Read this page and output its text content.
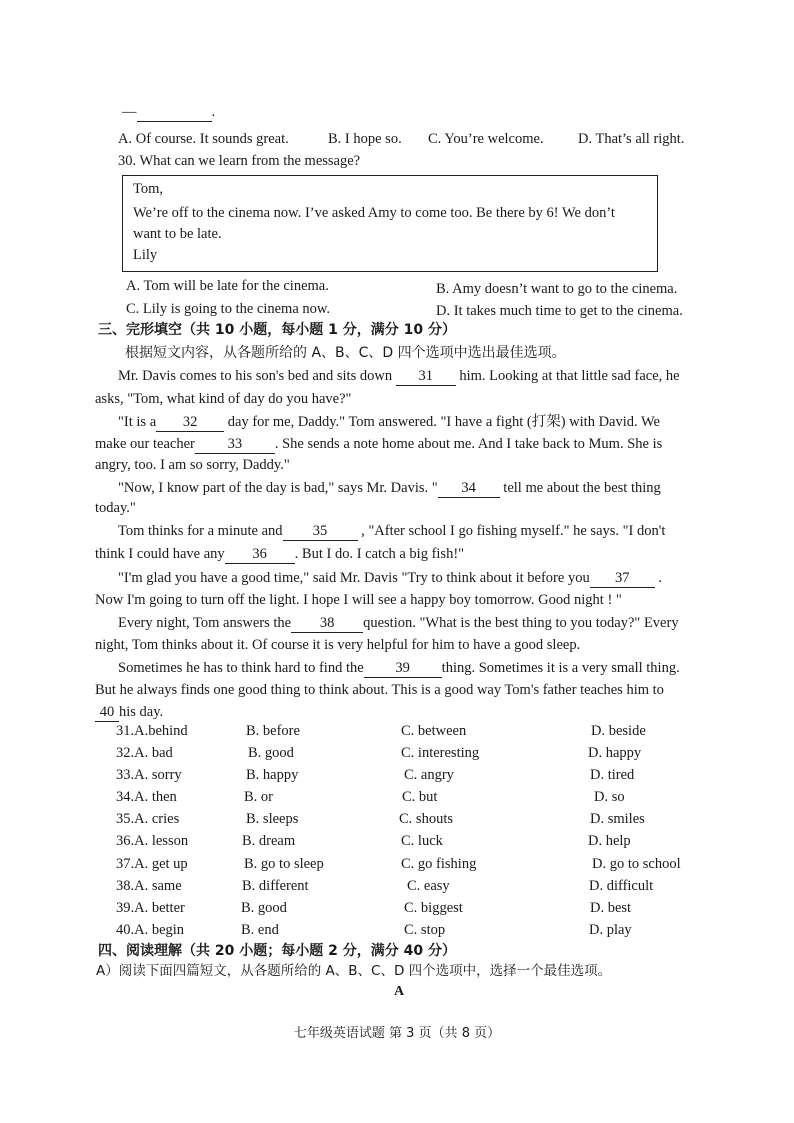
—	.
A. Of course. It sounds great.	B. I hope so. C. You’re welcome. D. That’s all right.
30. What can we learn from the message?
Tom,
We’re off to the cinema now. I’ve asked Amy to come too. Be there by 6! We don’t
want to be late.
Lily
A. Tom will be late for the cinema.	B. Amy doesn’t want to go to the cinema.
C. Lily is going to the cinema now.	D. It takes much time to get to the cinema.
三、完形填空（共 10 小题，每小题 1 分，满分 10 分）
根据短文内容，从各题所给的 A、B、C、D 四个选项中选出最佳选项。
Mr. Davis comes to his son's bed and sits down 31 him. Looking at that little sad face, he
asks, "Tom, what kind of day do you have?"
"It is a 32 day for me, Daddy." Tom answered. "I have a fight (打架) with David. We
make our teacher 33 . She sends a note home about me. And I take back to Mum. She is
angry, too. I am so sorry, Daddy."
"Now, I know part of the day is bad," says Mr. Davis. " 34 tell me about the best thing
today."
Tom thinks for a minute and 35 , "After school I go fishing myself." he says. "I don't
think I could have any 36 . But I do. I catch a big fish!"
"I'm glad you have a good time," said Mr. Davis "Try to think about it before you 37 .
Now I'm going to turn off the light. I hope I will see a happy boy tomorrow. Good night ! "
Every night, Tom answers the 38 question. "What is the best thing to you today?" Every
night, Tom thinks about it. Of course it is very helpful for him to have a good sleep.
Sometimes he has to think hard to find the 39 thing. Sometimes it is a very small thing.
But he always finds one good thing to think about. This is a good way Tom's father teaches him to
40 his day.
31.A.behind	B. before	C. between	D. beside
32.A. bad	B. good	C. interesting	D. happy
33.A. sorry	B. happy	C. angry	D. tired
34.A. then	B. or	C. but	D. so
35.A. cries	B. sleeps	C. shouts	D. smiles
36.A. lesson	B. dream	C. luck	D. help
37.A. get up	B. go to sleep	C. go fishing	D. go to school
38.A. same	B. different	C. easy	D. difficult
39.A. better	B. good	C. biggest	D. best
40.A. begin	B. end	C. stop	D. play
四、阅读理解（共 20 小题；每小题 2 分，满分 40 分）
A）阅读下面四篇短文，从各题所给的 A、B、C、D 四个选项中，选择一个最佳选项。
A
七年级英语试题 第 3 页（共 8 页）
